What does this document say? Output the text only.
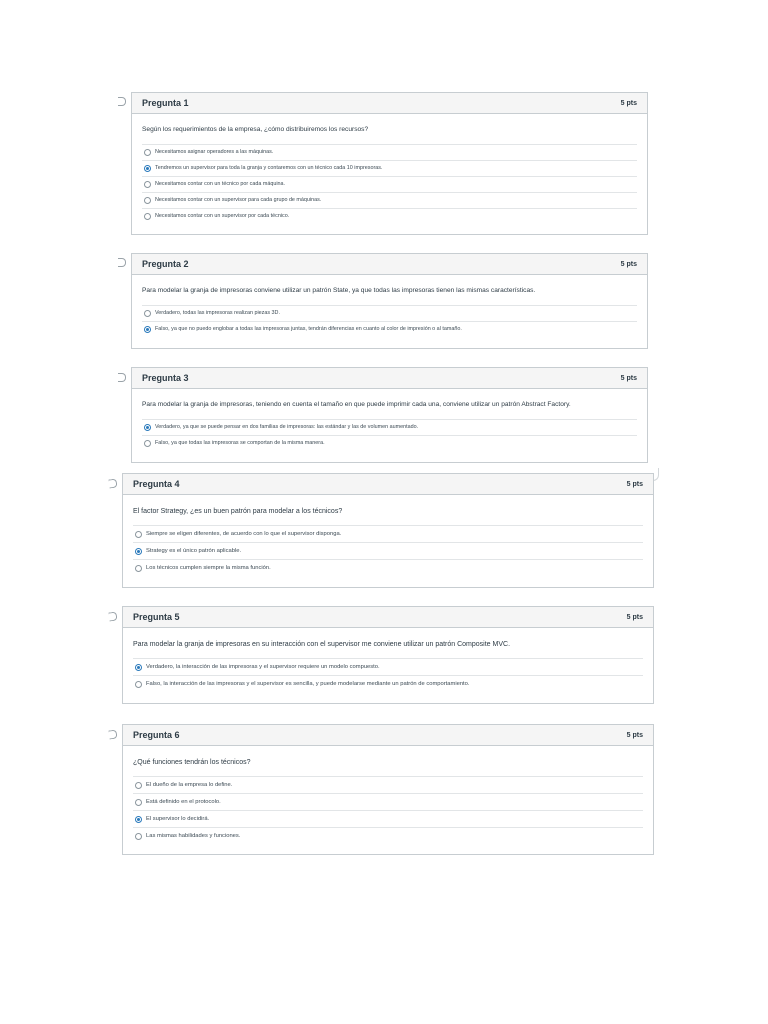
Pregunta 1	5 pts
Según los requerimientos de la empresa, ¿cómo distribuiremos los recursos?
Necesitamos asignar operadores a las máquinas.
Tendremos un supervisor para toda la granja y contaremos con un técnico cada 10 impresoras.
Necesitamos contar con un técnico por cada máquina.
Necesitamos contar con un supervisor para cada grupo de máquinas.
Necesitamos contar con un supervisor por cada técnico.
Pregunta 2	5 pts
Para modelar la granja de impresoras conviene utilizar un patrón State, ya que todas las impresoras tienen las mismas características.
Verdadero, todas las impresoras realizan piezas 3D.
Falso, ya que no puedo englobar a todas las impresoras juntas, tendrán diferencias en cuanto al color de impresión o al tamaño.
Pregunta 3	5 pts
Para modelar la granja de impresoras, teniendo en cuenta el tamaño en que puede imprimir cada una, conviene utilizar un patrón Abstract Factory.
Verdadero, ya que se puede pensar en dos familias de impresoras: las estándar y las de volumen aumentado.
Falso, ya que todas las impresoras se comportan de la misma manera.
Pregunta 4	5 pts
El factor Strategy, ¿es un buen patrón para modelar a los técnicos?
Siempre se eligen diferentes, de acuerdo con lo que el supervisor disponga.
Strategy es el único patrón aplicable.
Los técnicos cumplen siempre la misma función.
Pregunta 5	5 pts
Para modelar la granja de impresoras en su interacción con el supervisor me conviene utilizar un patrón Composite MVC.
Verdadero, la interacción de las impresoras y el supervisor requiere un modelo compuesto.
Falso, la interacción de las impresoras y el supervisor es sencilla, y puede modelarse mediante un patrón de comportamiento.
Pregunta 6	5 pts
¿Qué funciones tendrán los técnicos?
El dueño de la empresa lo define.
Está definido en el protocolo.
El supervisor lo decidirá.
Las mismas habilidades y funciones.
